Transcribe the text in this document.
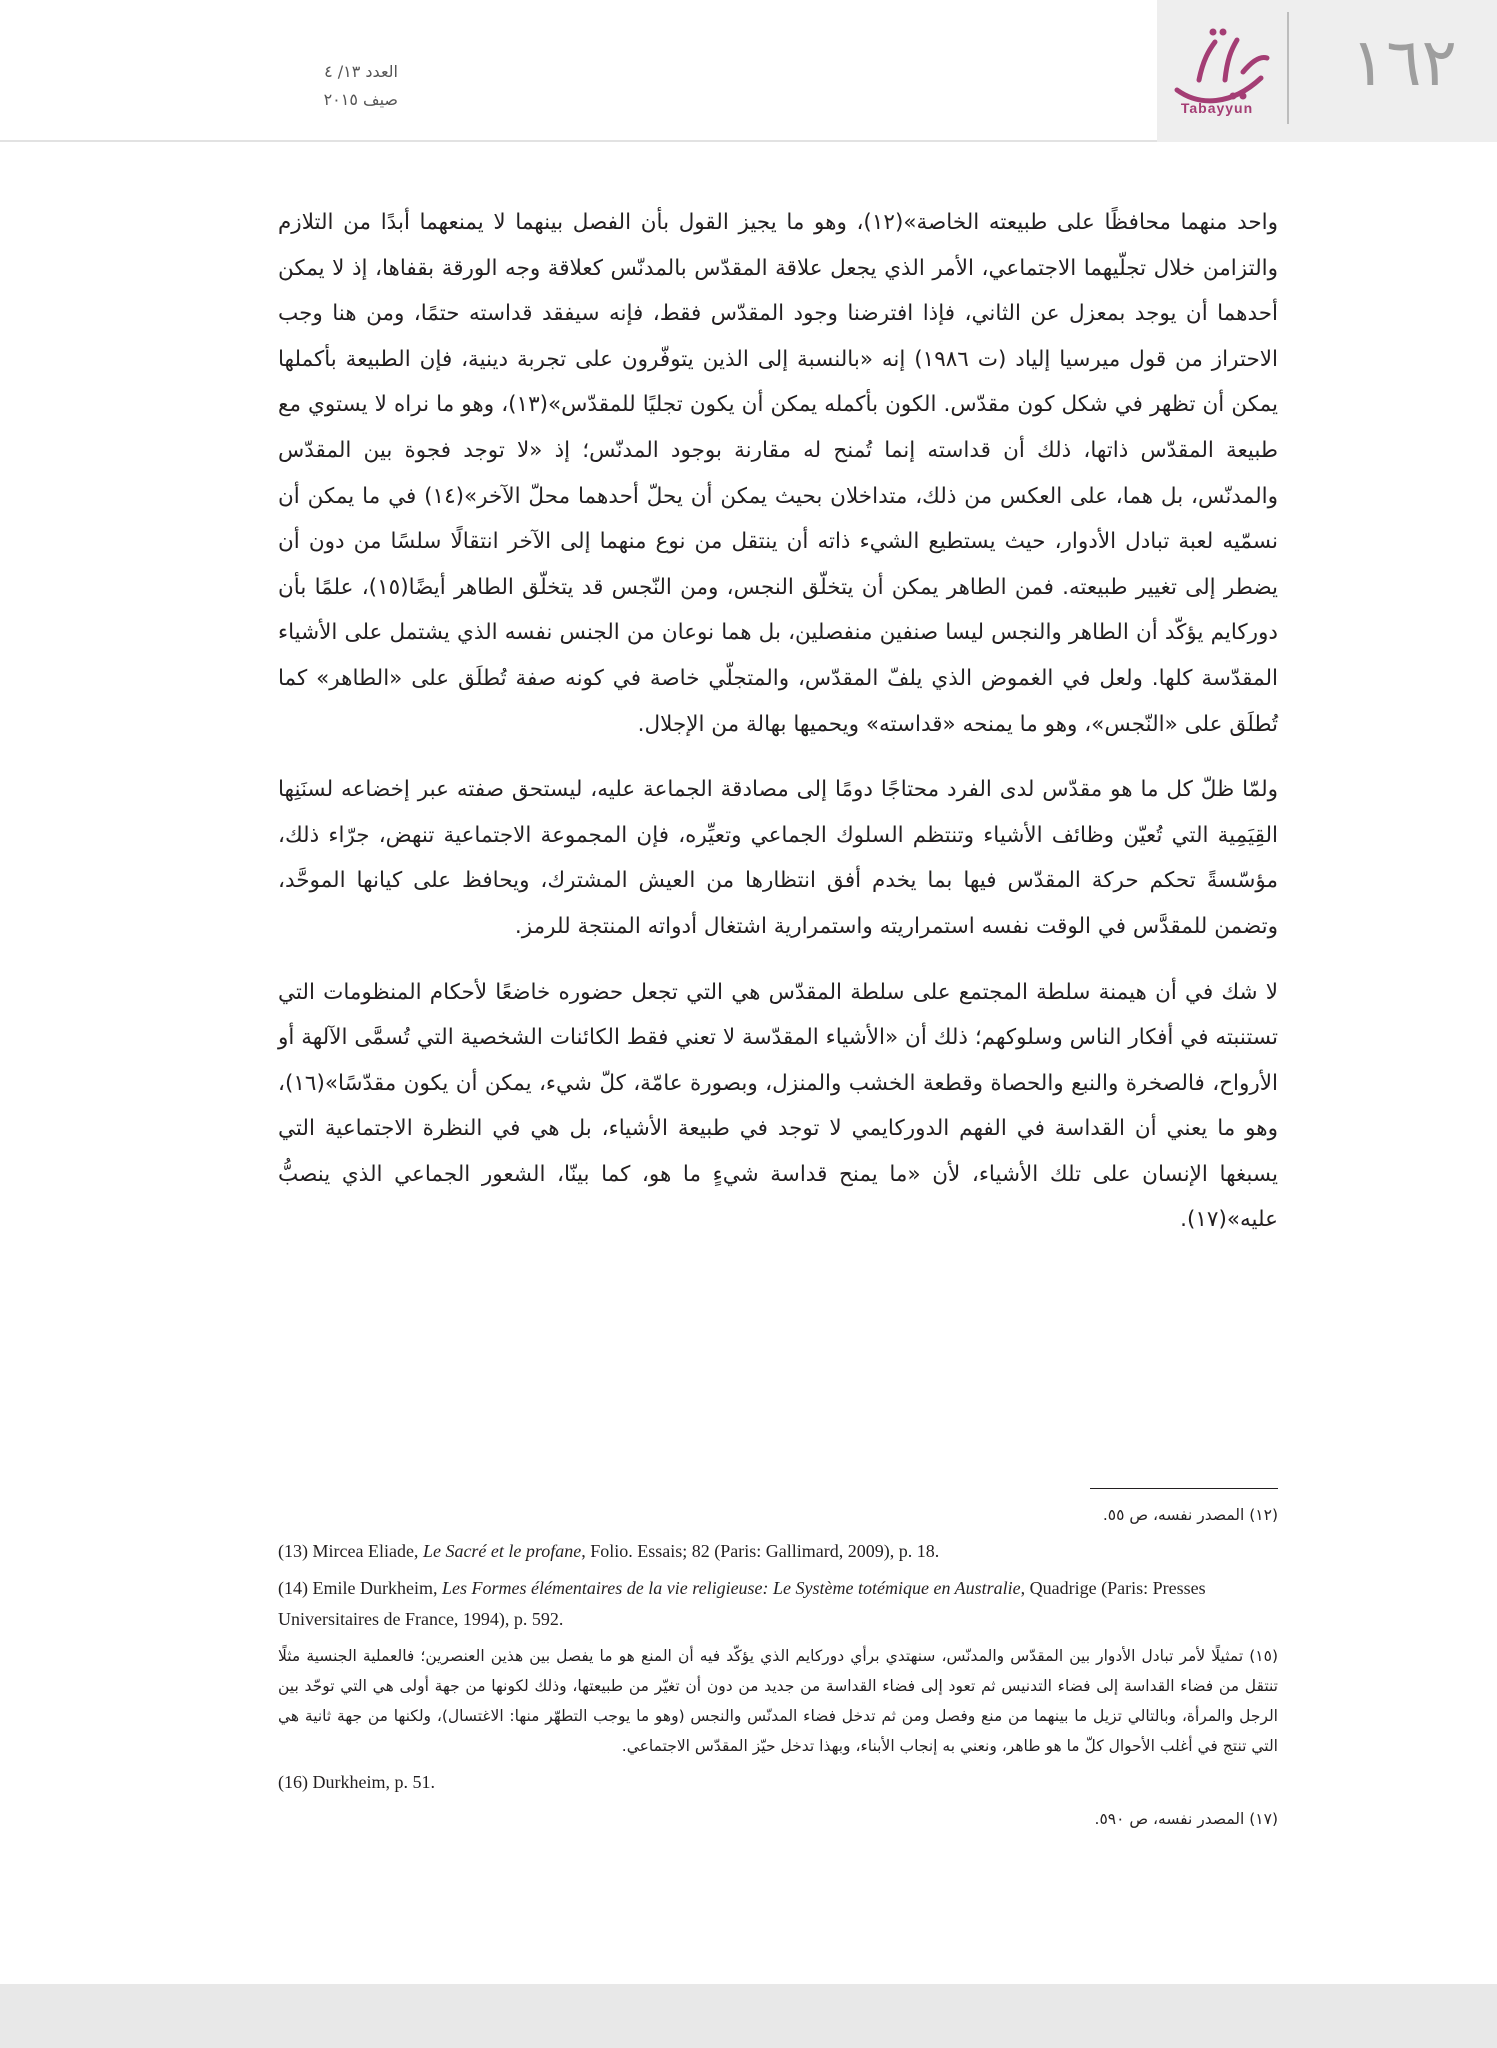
١٦٢
Tabayyun
العدد ١٣/ ٤
صيف ٢٠١٥

واحد منهما محافظًا على طبيعته الخاصة»(١٢)، وهو ما يجيز القول بأن الفصل بينهما لا يمنعهما أبدًا من التلازم والتزامن خلال تجلّيهما الاجتماعي، الأمر الذي يجعل علاقة المقدّس بالمدنّس كعلاقة وجه الورقة بقفاها، إذ لا يمكن أحدهما أن يوجد بمعزل عن الثاني، فإذا افترضنا وجود المقدّس فقط، فإنه سيفقد قداسته حتمًا، ومن هنا وجب الاحتراز من قول ميرسيا إلياد (ت ١٩٨٦) إنه «بالنسبة إلى الذين يتوفّرون على تجربة دينية، فإن الطبيعة بأكملها يمكن أن تظهر في شكل كون مقدّس. الكون بأكمله يمكن أن يكون تجليًا للمقدّس»(١٣)، وهو ما نراه لا يستوي مع طبيعة المقدّس ذاتها، ذلك أن قداسته إنما تُمنح له مقارنة بوجود المدنّس؛ إذ «لا توجد فجوة بين المقدّس والمدنّس، بل هما، على العكس من ذلك، متداخلان بحيث يمكن أن يحلّ أحدهما محلّ الآخر»(١٤) في ما يمكن أن نسمّيه لعبة تبادل الأدوار، حيث يستطيع الشيء ذاته أن ينتقل من نوع منهما إلى الآخر انتقالًا سلسًا من دون أن يضطر إلى تغيير طبيعته. فمن الطاهر يمكن أن يتخلّق النجس، ومن النّجس قد يتخلّق الطاهر أيضًا(١٥)، علمًا بأن دوركايم يؤكّد أن الطاهر والنجس ليسا صنفين منفصلين، بل هما نوعان من الجنس نفسه الذي يشتمل على الأشياء المقدّسة كلها. ولعل في الغموض الذي يلفّ المقدّس، والمتجلّي خاصة في كونه صفة تُطلَق على «الطاهر» كما تُطلَق على «النّجس»، وهو ما يمنحه «قداسته» ويحميها بهالة من الإجلال.

ولمّا ظلّ كل ما هو مقدّس لدى الفرد محتاجًا دومًا إلى مصادقة الجماعة عليه، ليستحق صفته عبر إخضاعه لسنَنِها القِيَمِية التي تُعيّن وظائف الأشياء وتنتظم السلوك الجماعي وتعيِّره، فإن المجموعة الاجتماعية تنهض، جرّاء ذلك، مؤسّسةً تحكم حركة المقدّس فيها بما يخدم أفق انتظارها من العيش المشترك، ويحافظ على كيانها الموحَّد، وتضمن للمقدَّس في الوقت نفسه استمراريته واستمرارية اشتغال أدواته المنتجة للرمز.

لا شك في أن هيمنة سلطة المجتمع على سلطة المقدّس هي التي تجعل حضوره خاضعًا لأحكام المنظومات التي تستنبته في أفكار الناس وسلوكهم؛ ذلك أن «الأشياء المقدّسة لا تعني فقط الكائنات الشخصية التي تُسمَّى الآلهة أو الأرواح، فالصخرة والنبع والحصاة وقطعة الخشب والمنزل، وبصورة عامّة، كلّ شيء، يمكن أن يكون مقدّسًا»(١٦)، وهو ما يعني أن القداسة في الفهم الدوركايمي لا توجد في طبيعة الأشياء، بل هي في النظرة الاجتماعية التي يسبغها الإنسان على تلك الأشياء، لأن «ما يمنح قداسة شيءٍ ما هو، كما بينّا، الشعور الجماعي الذي ينصبُّ عليه»(١٧).

(١٢) المصدر نفسه، ص ٥٥.

(13) Mircea Eliade, Le Sacré et le profane, Folio. Essais; 82 (Paris: Gallimard, 2009), p. 18.

(14) Emile Durkheim, Les Formes élémentaires de la vie religieuse: Le Système totémique en Australie, Quadrige (Paris: Presses Universitaires de France, 1994), p. 592.

(١٥) تمثيلًا لأمر تبادل الأدوار بين المقدّس والمدنّس، سنهتدي برأي دوركايم الذي يؤكّد فيه أن المنع هو ما يفصل بين هذين العنصرين؛ فالعملية الجنسية مثلًا تنتقل من فضاء القداسة إلى فضاء التدنيس ثم تعود إلى فضاء القداسة من جديد من دون أن تغيّر من طبيعتها، وذلك لكونها من جهة أولى هي التي توحّد بين الرجل والمرأة، وبالتالي تزيل ما بينهما من منع وفصل ومن ثم تدخل فضاء المدنّس والنجس (وهو ما يوجب التطهّر منها: الاغتسال)، ولكنها من جهة ثانية هي التي تنتج في أغلب الأحوال كلّ ما هو طاهر، ونعني به إنجاب الأبناء، وبهذا تدخل حيّز المقدّس الاجتماعي.

(16) Durkheim, p. 51.

(١٧) المصدر نفسه، ص ٥٩٠.
